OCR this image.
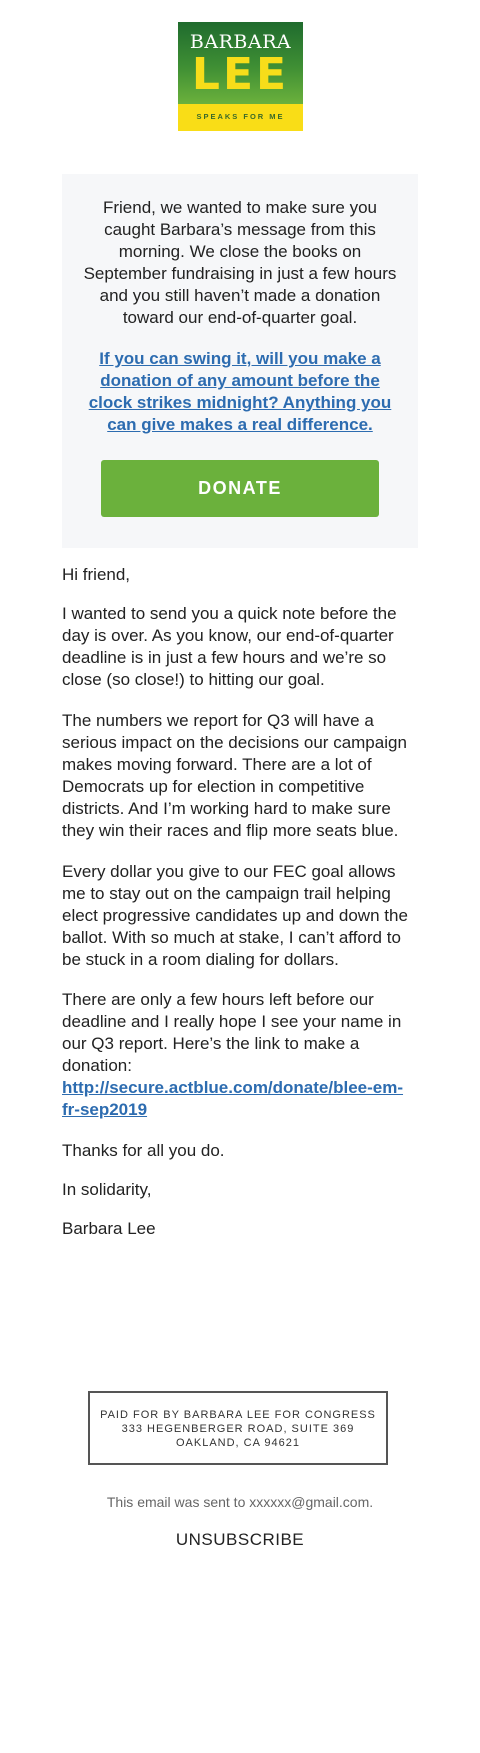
BARBARA
LEE
SPEAKS FOR ME

Friend, we wanted to make sure you caught Barbara’s message from this morning. We close the books on September fundraising in just a few hours and you still haven’t made a donation toward our end-of-quarter goal.

If you can swing it, will you make a donation of any amount before the clock strikes midnight? Anything you can give makes a real difference.

DONATE

Hi friend,

I wanted to send you a quick note before the day is over. As you know, our end-of-quarter deadline is in just a few hours and we’re so close (so close!) to hitting our goal.

The numbers we report for Q3 will have a serious impact on the decisions our campaign makes moving forward. There are a lot of Democrats up for election in competitive districts. And I’m working hard to make sure they win their races and flip more seats blue.

Every dollar you give to our FEC goal allows me to stay out on the campaign trail helping elect progressive candidates up and down the ballot. With so much at stake, I can’t afford to be stuck in a room dialing for dollars.

There are only a few hours left before our deadline and I really hope I see your name in our Q3 report. Here’s the link to make a donation: http://secure.actblue.com/donate/blee-em-fr-sep2019

Thanks for all you do.

In solidarity,

Barbara Lee

PAID FOR BY BARBARA LEE FOR CONGRESS
333 HEGENBERGER ROAD, SUITE 369
OAKLAND, CA 94621
This email was sent to xxxxxx@gmail.com.
UNSUBSCRIBE
